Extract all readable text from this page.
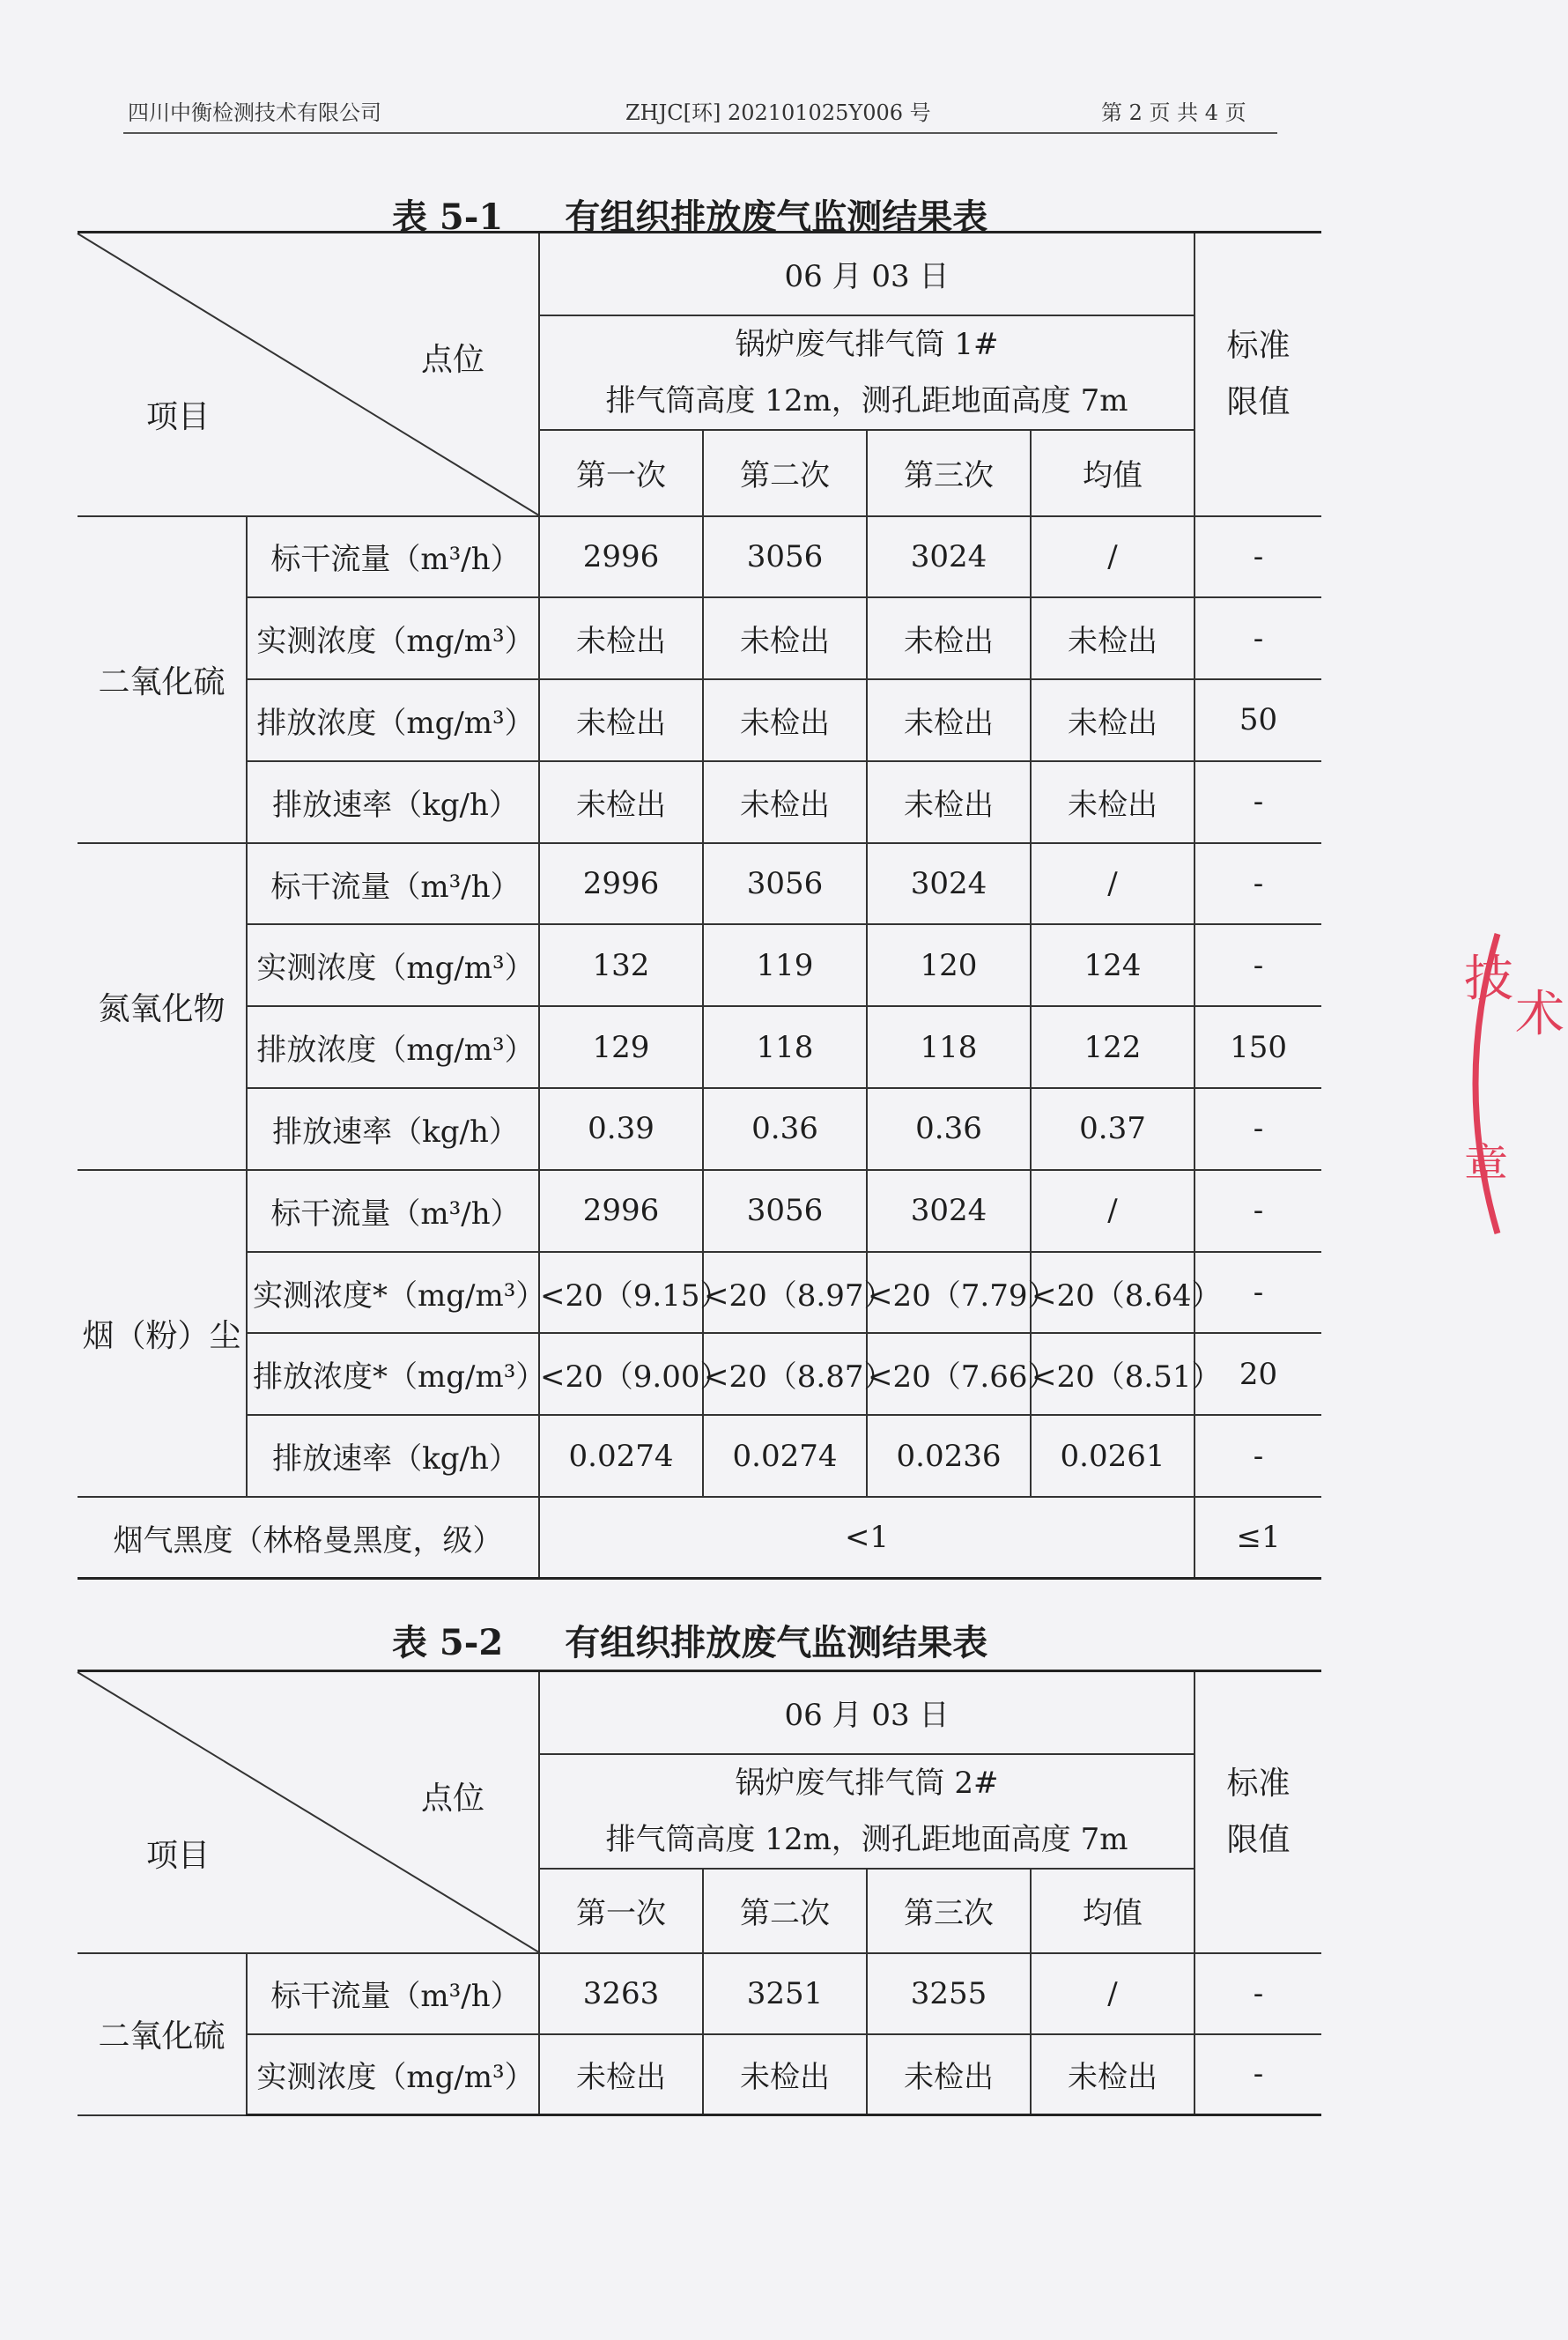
四川中衡检测技术有限公司	ZHJC[环] 202101025Y006 号	第 2 页 共 4 页
表 5-1 有组织排放废气监测结果表
点位
项目		06 月 03 日				标准限值

		锅炉废气排气筒 1#
排气筒高度 12m，测孔距地面高度 7m				

		第一次	第二次	第三次	均值	
二氧化硫	标干流量（m³/h）	2996	3056	3024	/	-
	实测浓度（mg/m³）	未检出	未检出	未检出	未检出	-
	排放浓度（mg/m³）	未检出	未检出	未检出	未检出	50
	排放速率（kg/h）	未检出	未检出	未检出	未检出	-
氮氧化物	标干流量（m³/h）	2996	3056	3024	/	-
	实测浓度（mg/m³）	132	119	120	124	-
	排放浓度（mg/m³）	129	118	118	122	150
	排放速率（kg/h）	0.39	0.36	0.36	0.37	-
烟（粉）尘	标干流量（m³/h）	2996	3056	3024	/	-
	实测浓度*（mg/m³）	<20（9.15）	<20（8.97）	<20（7.79）	<20（8.64）	-
	排放浓度*（mg/m³）	<20（9.00）	<20（8.87）	<20（7.66）	<20（8.51）	20
	排放速率（kg/h）	0.0274	0.0274	0.0236	0.0261	-
烟气黑度（林格曼黑度，级）		<1				≤1
表 5-2 有组织排放废气监测结果表
点位
项目		06 月 03 日				标准限值

		锅炉废气排气筒 2#
排气筒高度 12m，测孔距地面高度 7m				

		第一次	第二次	第三次	均值	
二氧化硫	标干流量（m³/h）	3263	3251	3255	/	-
	实测浓度（mg/m³）	未检出	未检出	未检出	未检出	-
技
术
章
